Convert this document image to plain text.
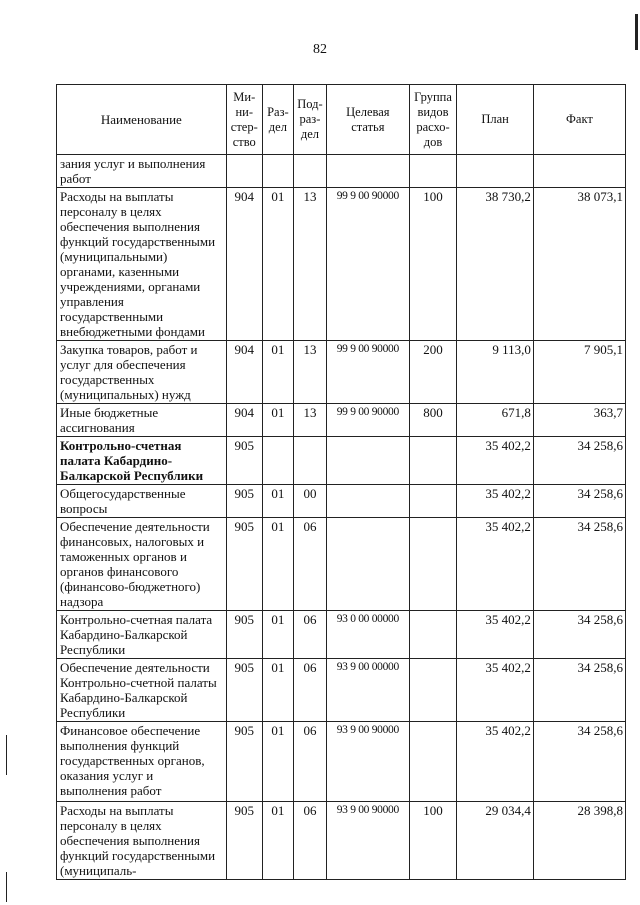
82
Наименование	Ми-ни-стер-ство	Раз-дел	Под-раз-дел	Целевая статья	Группа видов расхо-дов	План	Факт
зания услуг и выполнения работ							
Расходы на выплаты персоналу в целях обеспечения выполнения функций государственными (муниципальными) органами, казенными учреждениями, органами управления государственными внебюджетными фондами	904	01	13	99 9 00 90000	100	38 730,2	38 073,1
Закупка товаров, работ и услуг для обеспечения государственных (муниципальных) нужд	904	01	13	99 9 00 90000	200	9 113,0	7 905,1
Иные бюджетные ассигнования	904	01	13	99 9 00 90000	800	671,8	363,7
Контрольно-счетная палата Кабардино-Балкарской Республики	905					35 402,2	34 258,6
Общегосударственные вопросы	905	01	00			35 402,2	34 258,6
Обеспечение деятельности финансовых, налоговых и таможенных органов и органов финансового (финансово-бюджетного) надзора	905	01	06			35 402,2	34 258,6
Контрольно-счетная палата Кабардино-Балкарской Республики	905	01	06	93 0 00 00000		35 402,2	34 258,6
Обеспечение деятельности Контрольно-счетной палаты Кабардино-Балкарской Республики	905	01	06	93 9 00 00000		35 402,2	34 258,6
Финансовое обеспечение выполнения функций государственных органов, оказания услуг и выполнения работ	905	01	06	93 9 00 90000		35 402,2	34 258,6
Расходы на выплаты персоналу в целях обеспечения выполнения функций государственными (муниципаль-	905	01	06	93 9 00 90000	100	29 034,4	28 398,8
